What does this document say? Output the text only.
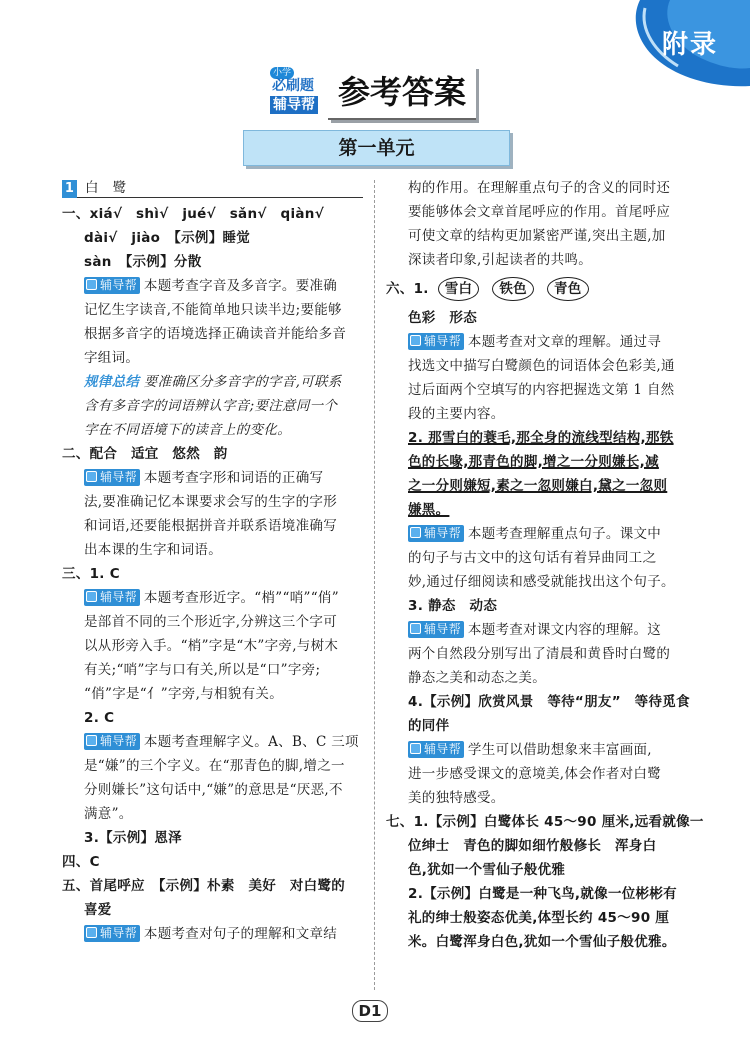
附录
小学
必刷题
辅导帮 参考答案
第一单元
1 白　鹭
一、xiá√　shì√　jué√　sǎn√　qiàn√
dài√　jiào　【示例】睡觉
sàn　【示例】分散
辅导帮 本题考查字音及多音字。要准确
记忆生字读音,不能简单地只读半边;要能够
根据多音字的语境选择正确读音并能给多音
字组词。
规律总结 要准确区分多音字的字音,可联系
含有多音字的词语辨认字音;要注意同一个
字在不同语境下的读音上的变化。
二、配合　适宜　悠然　韵
辅导帮 本题考查字形和词语的正确写
法,要准确记忆本课要求会写的生字的字形
和词语,还要能根据拼音并联系语境准确写
出本课的生字和词语。
三、1. C
辅导帮 本题考查形近字。“梢”“哨”“俏”
是部首不同的三个形近字,分辨这三个字可
以从形旁入手。“梢”字是“木”字旁,与树木
有关;“哨”字与口有关,所以是“口”字旁;
“俏”字是“亻”字旁,与相貌有关。
2. C
辅导帮 本题考查理解字义。A、B、C 三项
是“嫌”的三个字义。在“那青色的脚,增之一
分则嫌长”这句话中,“嫌”的意思是“厌恶,不
满意”。
3.【示例】恩泽
四、C
五、首尾呼应　【示例】朴素　美好　对白鹭的
喜爱
辅导帮 本题考查对句子的理解和文章结
构的作用。在理解重点句子的含义的同时还
要能够体会文章首尾呼应的作用。首尾呼应
可使文章的结构更加紧密严谨,突出主题,加
深读者印象,引起读者的共鸣。
六、1. 雪白 铁色 青色
色彩　形态
辅导帮 本题考查对文章的理解。通过寻
找选文中描写白鹭颜色的词语体会色彩美,通
过后面两个空填写的内容把握选文第 1 自然
段的主要内容。
2. 那雪白的蓑毛,那全身的流线型结构,那铁
色的长喙,那青色的脚,增之一分则嫌长,减
之一分则嫌短,素之一忽则嫌白,黛之一忽则
嫌黑。
辅导帮 本题考查理解重点句子。课文中
的句子与古文中的这句话有着异曲同工之
妙,通过仔细阅读和感受就能找出这个句子。
3. 静态　动态
辅导帮 本题考查对课文内容的理解。这
两个自然段分别写出了清晨和黄昏时白鹭的
静态之美和动态之美。
4.【示例】欣赏风景　等待“朋友”　等待觅食
的同伴
辅导帮 学生可以借助想象来丰富画面,
进一步感受课文的意境美,体会作者对白鹭
美的独特感受。
七、1.【示例】白鹭体长 45～90 厘米,远看就像一
位绅士　青色的脚如细竹般修长　浑身白
色,犹如一个雪仙子般优雅
2.【示例】白鹭是一种飞鸟,就像一位彬彬有
礼的绅士般姿态优美,体型长约 45～90 厘
米。白鹭浑身白色,犹如一个雪仙子般优雅。
D1
